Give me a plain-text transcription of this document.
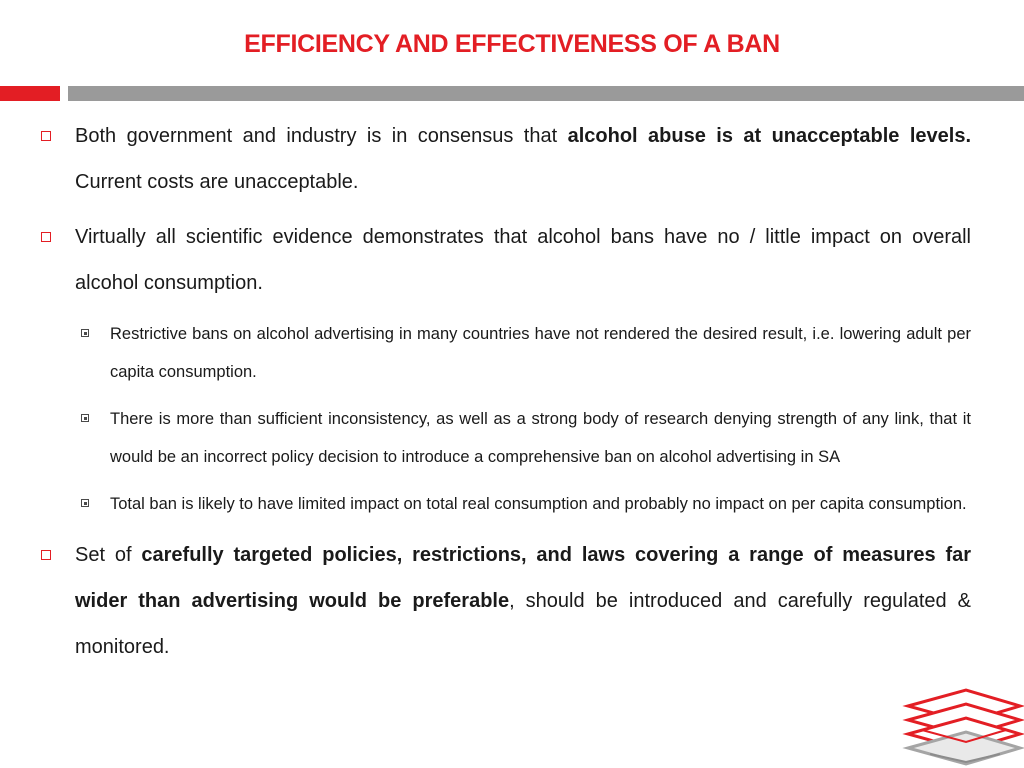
EFFICIENCY AND EFFECTIVENESS OF A BAN
Both government and industry is in consensus that alcohol abuse is at unacceptable levels.  Current costs are unacceptable.
Virtually all scientific evidence demonstrates that alcohol bans have no / little impact on overall alcohol consumption.
Restrictive bans on alcohol advertising in many countries have not rendered the desired result, i.e. lowering adult per capita consumption.
There is more than sufficient inconsistency, as well as a strong body of research denying strength of any link, that it would be an incorrect policy decision to introduce a comprehensive ban on alcohol advertising in SA
Total ban is likely to have limited impact on total real consumption and probably no impact on per capita consumption.
Set of carefully targeted policies, restrictions, and laws covering a range of measures far wider than advertising would be preferable, should be introduced and carefully regulated & monitored.
